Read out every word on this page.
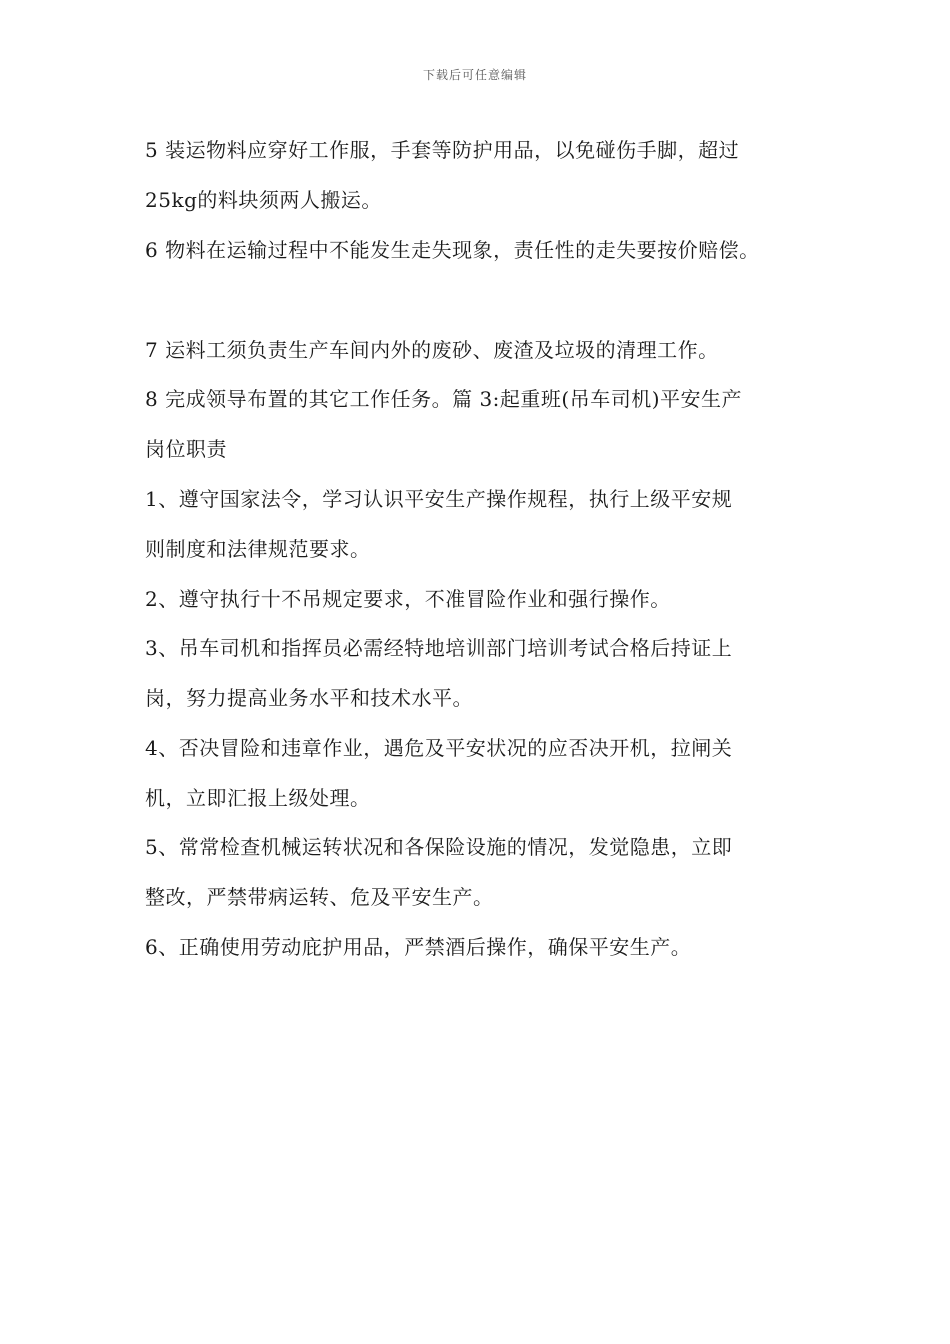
下载后可任意编辑
5 装运物料应穿好工作服，手套等防护用品，以免碰伤手脚，超过
25kg的料块须两人搬运。
6 物料在运输过程中不能发生走失现象，责任性的走失要按价赔偿。
7 运料工须负责生产车间内外的废砂、废渣及垃圾的清理工作。
8 完成领导布置的其它工作任务。篇 3:起重班(吊车司机)平安生产
岗位职责
1、遵守国家法令，学习认识平安生产操作规程，执行上级平安规
则制度和法律规范要求。
2、遵守执行十不吊规定要求，不准冒险作业和强行操作。
3、吊车司机和指挥员必需经特地培训部门培训考试合格后持证上
岗，努力提高业务水平和技术水平。
4、否决冒险和违章作业，遇危及平安状况的应否决开机，拉闸关
机，立即汇报上级处理。
5、常常检查机械运转状况和各保险设施的情况，发觉隐患，立即
整改，严禁带病运转、危及平安生产。
6、正确使用劳动庇护用品，严禁酒后操作，确保平安生产。
